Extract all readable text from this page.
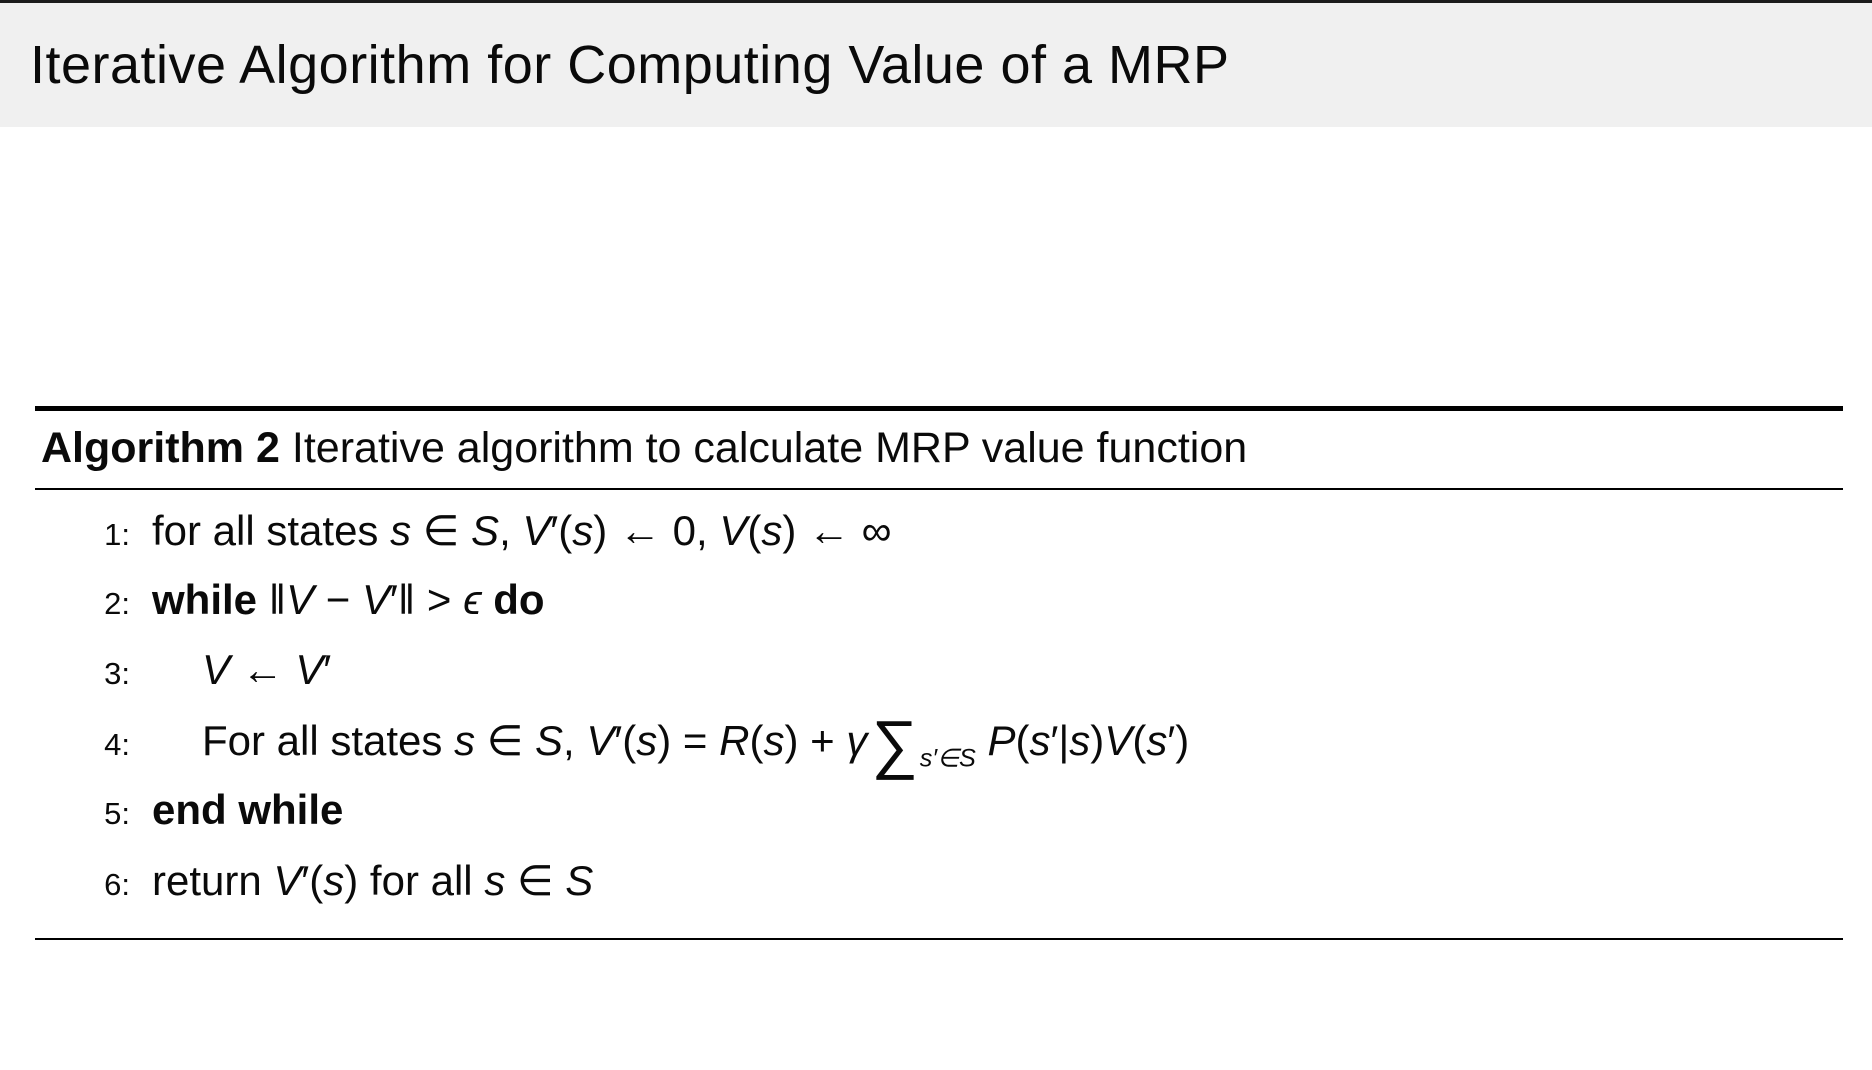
Iterative Algorithm for Computing Value of a MRP
Algorithm 2 Iterative algorithm to calculate MRP value function
1: for all states s ∈ S, V′(s) ← 0, V(s) ← ∞
2: while ‖V − V′‖ > ϵ do
3: V ← V′
4: For all states s ∈ S, $V'(s) = R(s) + \gamma\sum_{s'\in S}$ P(s′|s)V(s′)
5: end while
6: return V′(s) for all s ∈ S
